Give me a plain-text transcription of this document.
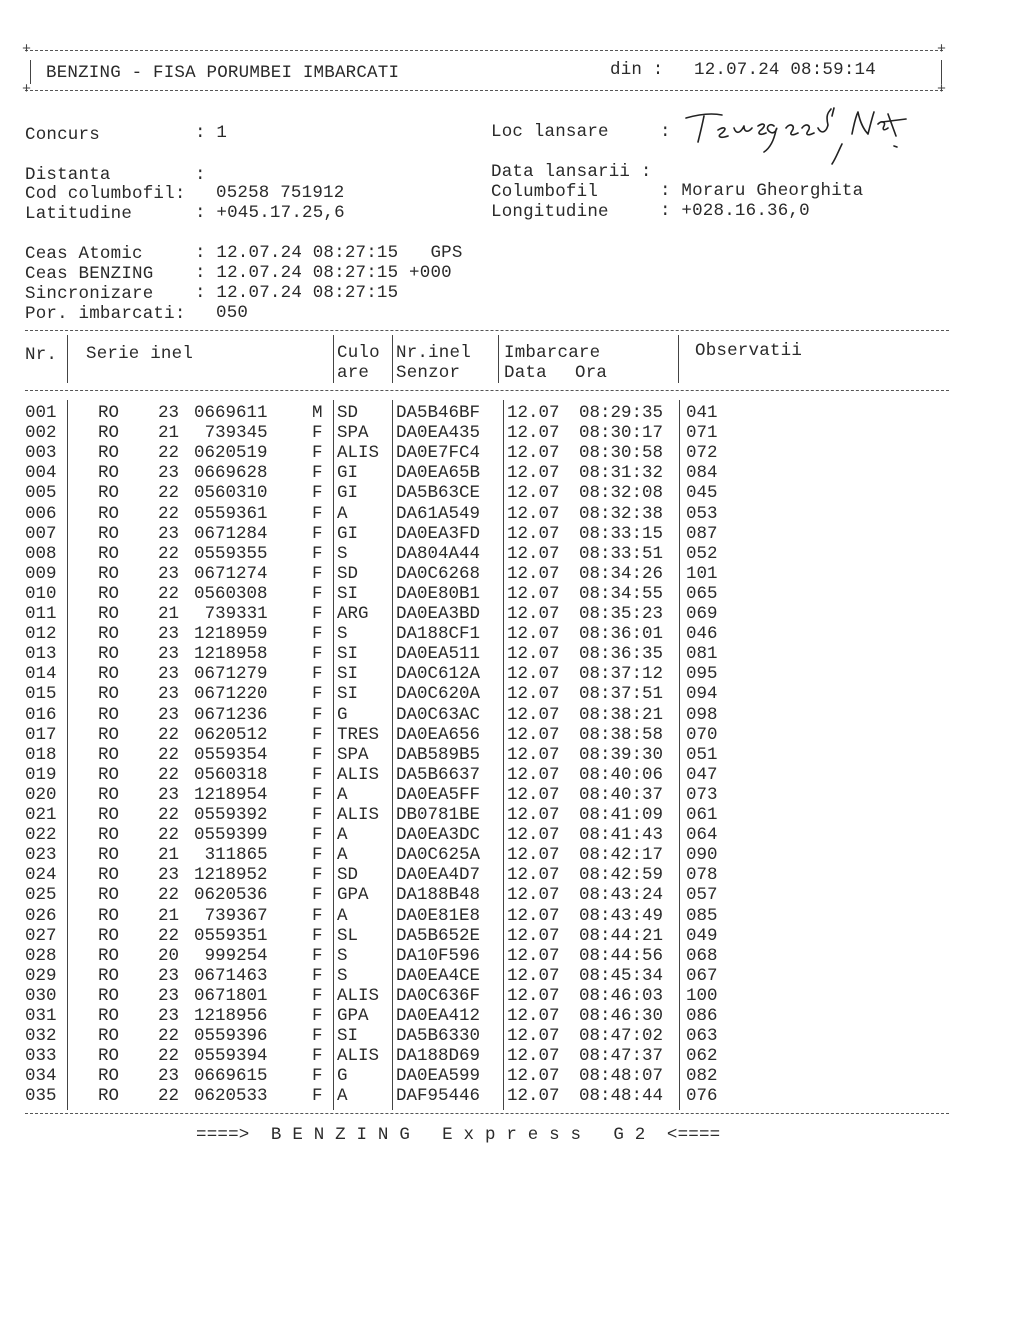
+	+
BENZING - FISA PORUMBEI IMBARCATI	din : 12.07.24 08:59:14
+	+
Concurs	: 1	Loc lansare	:
Distanta	:	Data lansarii :
Cod columbofil: 05258 751912	Columbofil	: Moraru Gheorghita
Latitudine	: +045.17.25,6	Longitudine	: +028.16.36,0
Ceas Atomic	: 12.07.24 08:27:15   GPS
Ceas BENZING : 12.07.24 08:27:15 +000
Sincronizare : 12.07.24 08:27:15
Por. imbarcati: 050
Nr. Serie inel	Culo
are
Nr.inel
Senzor
Imbarcare
Data Ora
Observatii
001 RO 23 0669611	M SD DA5B46BF 12.07 08:29:35 041
002 RO 21 739345	F SPA DA0EA435 12.07 08:30:17 071
003 RO 22 0620519	F ALIS DA0E7FC4 12.07 08:30:58 072
004 RO 23 0669628	F GI DA0EA65B 12.07 08:31:32 084
005 RO 22 0560310	F GI DA5B63CE 12.07 08:32:08 045
006 RO 22 0559361	F A	DA61A549 12.07 08:32:38 053
007 RO 23 0671284	F GI DA0EA3FD 12.07 08:33:15 087
008 RO 22 0559355	F S	DA804A44 12.07 08:33:51 052
009 RO 23 0671274	F SD DA0C6268 12.07 08:34:26 101
010 RO 22 0560308	F SI DA0E80B1 12.07 08:34:55 065
011 RO 21 739331	F ARG DA0EA3BD 12.07 08:35:23 069
012 RO 23 1218959	F S	DA188CF1 12.07 08:36:01 046
013 RO 23 1218958	F SI DA0EA511 12.07 08:36:35 081
014 RO 23 0671279	F SI DA0C612A 12.07 08:37:12 095
015 RO 23 0671220	F SI DA0C620A 12.07 08:37:51 094
016 RO 23 0671236	F G	DA0C63AC 12.07 08:38:21 098
017 RO 22 0620512	F TRES DA0EA656 12.07 08:38:58 070
018 RO 22 0559354	F SPA DAB589B5 12.07 08:39:30 051
019 RO 22 0560318	F ALIS DA5B6637 12.07 08:40:06 047
020 RO 23 1218954	F A	DA0EA5FF 12.07 08:40:37 073
021 RO 22 0559392	F ALIS DB0781BE 12.07 08:41:09 061
022 RO 22 0559399	F A	DA0EA3DC 12.07 08:41:43 064
023 RO 21 311865	F A	DA0C625A 12.07 08:42:17 090
024 RO 23 1218952	F SD DA0EA4D7 12.07 08:42:59 078
025 RO 22 0620536	F GPA DA188B48 12.07 08:43:24 057
026 RO 21 739367	F A	DA0E81E8 12.07 08:43:49 085
027 RO 22 0559351	F SL DA5B652E 12.07 08:44:21 049
028 RO 20 999254	F S	DA10F596 12.07 08:44:56 068
029 RO 23 0671463	F S	DA0EA4CE 12.07 08:45:34 067
030 RO 23 0671801	F ALIS DA0C636F 12.07 08:46:03 100
031 RO 23 1218956	F GPA DA0EA412 12.07 08:46:30 086
032 RO 22 0559396	F SI DA5B6330 12.07 08:47:02 063
033 RO 22 0559394	F ALIS DA188D69 12.07 08:47:37 062
034 RO 23 0669615	F G	DA0EA599 12.07 08:48:07 082
035 RO 22 0620533	F A	DAF95446 12.07 08:48:44 076
====>  B E N Z I N G   E x p r e s s   G 2  <====
